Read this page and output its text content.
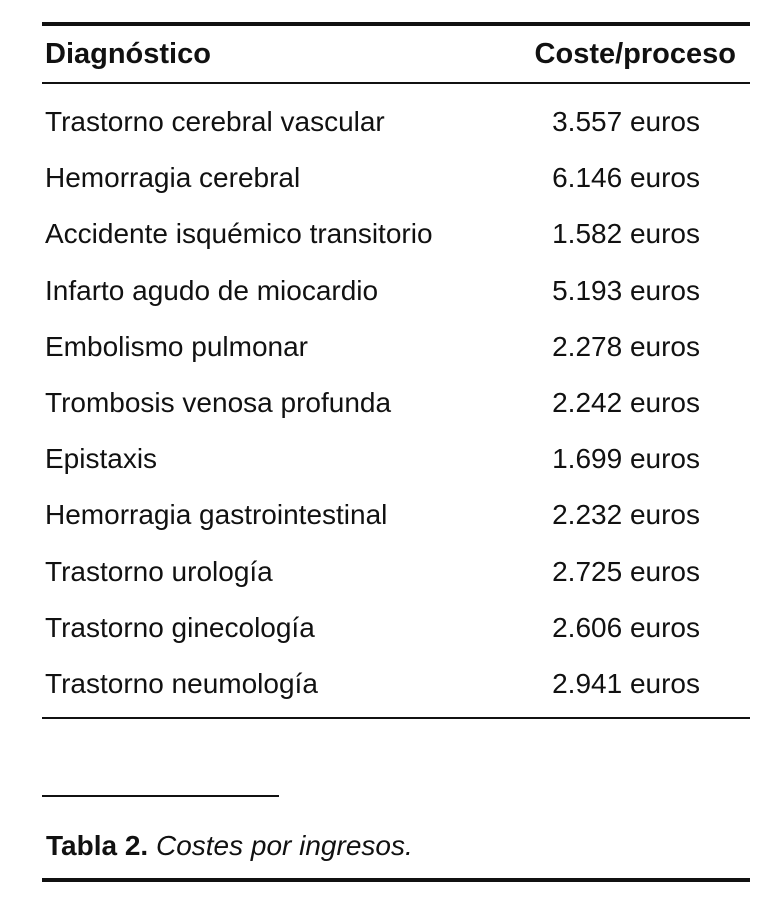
Diagnóstico	Coste/proceso
Trastorno cerebral vascular	3.557 euros
Hemorragia cerebral	6.146 euros
Accidente isquémico transitorio	1.582 euros
Infarto agudo de miocardio	5.193 euros
Embolismo pulmonar	2.278 euros
Trombosis venosa profunda	2.242 euros
Epistaxis	1.699 euros
Hemorragia gastrointestinal	2.232 euros
Trastorno urología	2.725 euros
Trastorno ginecología	2.606 euros
Trastorno neumología	2.941 euros
Tabla 2. Costes por ingresos.
